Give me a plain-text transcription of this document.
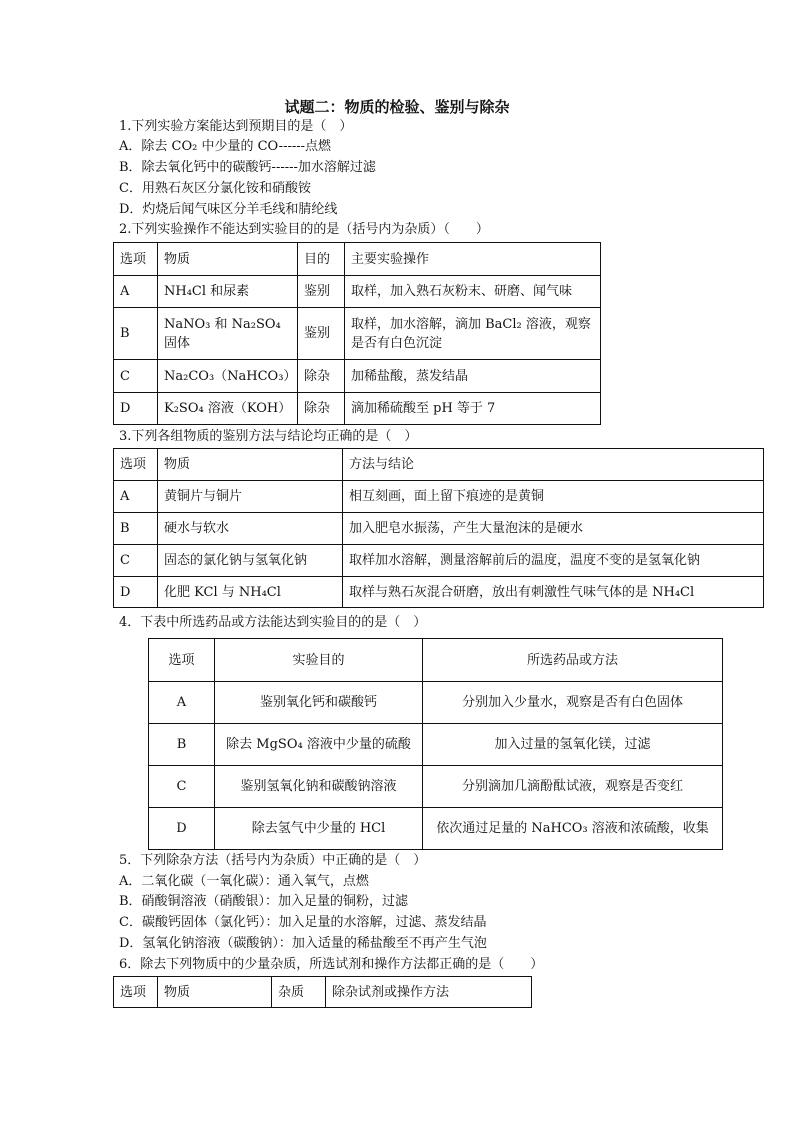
试题二：物质的检验、鉴别与除杂
1.下列实验方案能达到预期目的是（　）
A．除去 CO₂ 中少量的 CO------点燃
B．除去氧化钙中的碳酸钙------加水溶解过滤
C．用熟石灰区分氯化铵和硝酸铵
D．灼烧后闻气味区分羊毛线和腈纶线
2.下列实验操作不能达到实验目的的是（括号内为杂质）（　　）
选项	物质	目的	主要实验操作
A	NH₄Cl 和尿素	鉴别	取样，加入熟石灰粉末、研磨、闻气味
B	NaNO₃ 和 Na₂SO₄ 固体	鉴别	取样，加水溶解，滴加 BaCl₂ 溶液，观察是否有白色沉淀
C	Na₂CO₃（NaHCO₃）	除杂	加稀盐酸，蒸发结晶
D	K₂SO₄ 溶液（KOH）	除杂	滴加稀硫酸至 pH 等于 7
3.下列各组物质的鉴别方法与结论均正确的是（　）
选项	物质	方法与结论
A	黄铜片与铜片	相互刻画，面上留下痕迹的是黄铜
B	硬水与软水	加入肥皂水振荡，产生大量泡沫的是硬水
C	固态的氯化钠与氢氧化钠	取样加水溶解，测量溶解前后的温度，温度不变的是氢氧化钠
D	化肥 KCl 与 NH₄Cl	取样与熟石灰混合研磨，放出有刺激性气味气体的是 NH₄Cl
4．下表中所选药品或方法能达到实验目的的是（　）
选项	实验目的	所选药品或方法
A	鉴别氧化钙和碳酸钙	分别加入少量水，观察是否有白色固体
B	除去 MgSO₄ 溶液中少量的硫酸	加入过量的氢氧化镁，过滤
C	鉴别氢氧化钠和碳酸钠溶液	分别滴加几滴酚酞试液，观察是否变红
D	除去氢气中少量的 HCl	依次通过足量的 NaHCO₃ 溶液和浓硫酸，收集
5．下列除杂方法（括号内为杂质）中正确的是（　）
A．二氧化碳（一氧化碳）：通入氧气，点燃
B．硝酸铜溶液（硝酸银）：加入足量的铜粉，过滤
C．碳酸钙固体（氯化钙）：加入足量的水溶解，过滤、蒸发结晶
D．氢氧化钠溶液（碳酸钠）：加入适量的稀盐酸至不再产生气泡
6．除去下列物质中的少量杂质，所选试剂和操作方法都正确的是（　　）
选项	物质	杂质	除杂试剂或操作方法
